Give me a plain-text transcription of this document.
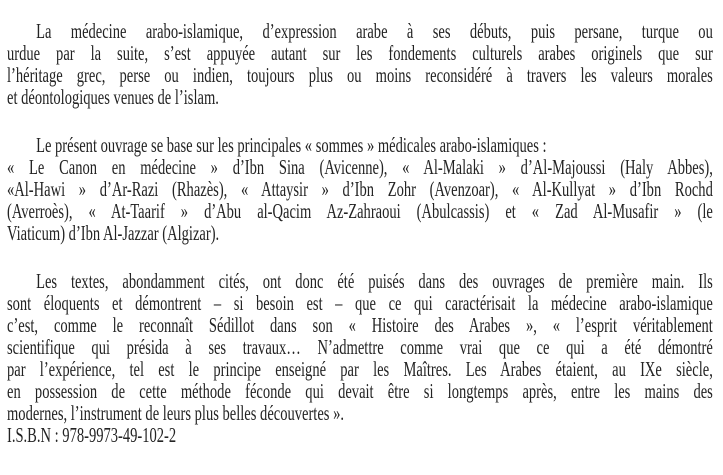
La médecine arabo-islamique, d’expression arabe à ses débuts, puis persane, turque ou
urdue par la suite, s’est appuyée autant sur les fondements culturels arabes originels que sur
l’héritage grec, perse ou indien, toujours plus ou moins reconsidéré à travers les valeurs morales
et déontologiques venues de l’islam.
Le présent ouvrage se base sur les principales « sommes » médicales arabo-islamiques :
« Le Canon en médecine » d’Ibn Sina (Avicenne), « Al-Malaki » d’Al-Majoussi (Haly Abbes),
«Al-Hawi » d’Ar-Razi (Rhazès), « Attaysir » d’Ibn Zohr (Avenzoar), « Al-Kullyat » d’Ibn Rochd
(Averroès), « At-Taarif » d’Abu al-Qacim Az-Zahraoui (Abulcassis) et « Zad Al-Musafir » (le
Viaticum) d’Ibn Al-Jazzar (Algizar).
Les textes, abondamment cités, ont donc été puisés dans des ouvrages de première main. Ils
sont éloquents et démontrent – si besoin est – que ce qui caractérisait la médecine arabo-islamique
c’est, comme le reconnaît Sédillot dans son « Histoire des Arabes », « l’esprit véritablement
scientifique qui présida à ses travaux… N’admettre comme vrai que ce qui a été démontré
par l’expérience, tel est le principe enseigné par les Maîtres. Les Arabes étaient, au IXe siècle,
en possession de cette méthode féconde qui devait être si longtemps après, entre les mains des
modernes, l’instrument de leurs plus belles découvertes ».
I.S.B.N : 978-9973-49-102-2
